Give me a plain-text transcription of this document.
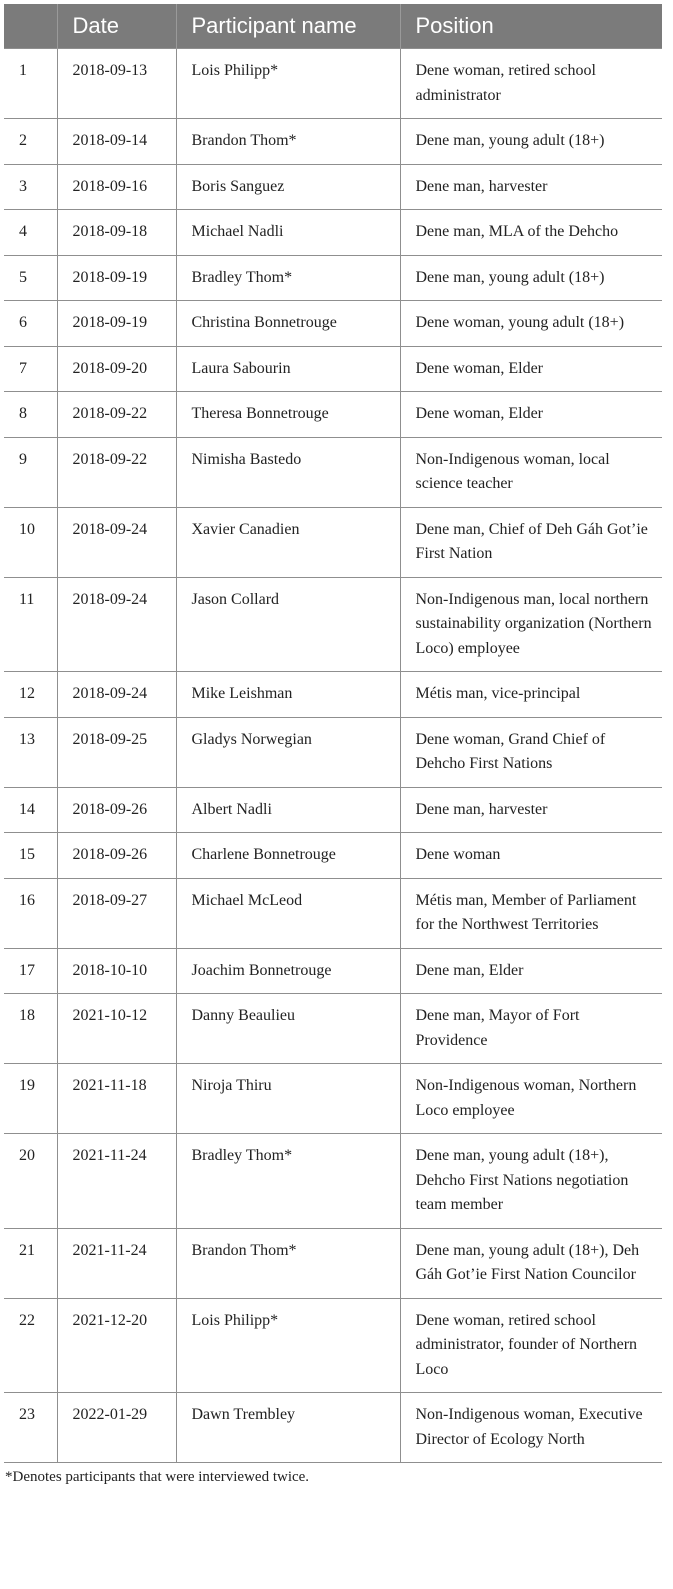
	Date	Participant name	Position
1	2018-09-13	Lois Philipp*	Dene woman, retired school administrator
2	2018-09-14	Brandon Thom*	Dene man, young adult (18+)
3	2018-09-16	Boris Sanguez	Dene man, harvester
4	2018-09-18	Michael Nadli	Dene man, MLA of the Dehcho
5	2018-09-19	Bradley Thom*	Dene man, young adult (18+)
6	2018-09-19	Christina Bonnetrouge	Dene woman, young adult (18+)
7	2018-09-20	Laura Sabourin	Dene woman, Elder
8	2018-09-22	Theresa Bonnetrouge	Dene woman, Elder
9	2018-09-22	Nimisha Bastedo	Non-Indigenous woman, local science teacher
10	2018-09-24	Xavier Canadien	Dene man, Chief of Deh Gáh Got’ie First Nation
11	2018-09-24	Jason Collard	Non-Indigenous man, local northern sustainability organization (Northern Loco) employee
12	2018-09-24	Mike Leishman	Métis man, vice-principal
13	2018-09-25	Gladys Norwegian	Dene woman, Grand Chief of Dehcho First Nations
14	2018-09-26	Albert Nadli	Dene man, harvester
15	2018-09-26	Charlene Bonnetrouge	Dene woman
16	2018-09-27	Michael McLeod	Métis man, Member of Parliament for the Northwest Territories
17	2018-10-10	Joachim Bonnetrouge	Dene man, Elder
18	2021-10-12	Danny Beaulieu	Dene man, Mayor of Fort Providence
19	2021-11-18	Niroja Thiru	Non-Indigenous woman, Northern Loco employee
20	2021-11-24	Bradley Thom*	Dene man, young adult (18+), Dehcho First Nations negotiation team member
21	2021-11-24	Brandon Thom*	Dene man, young adult (18+), Deh Gáh Got’ie First Nation Councilor
22	2021-12-20	Lois Philipp*	Dene woman, retired school administrator, founder of Northern Loco
23	2022-01-29	Dawn Trembley	Non-Indigenous woman, Executive Director of Ecology North
*Denotes participants that were interviewed twice.
